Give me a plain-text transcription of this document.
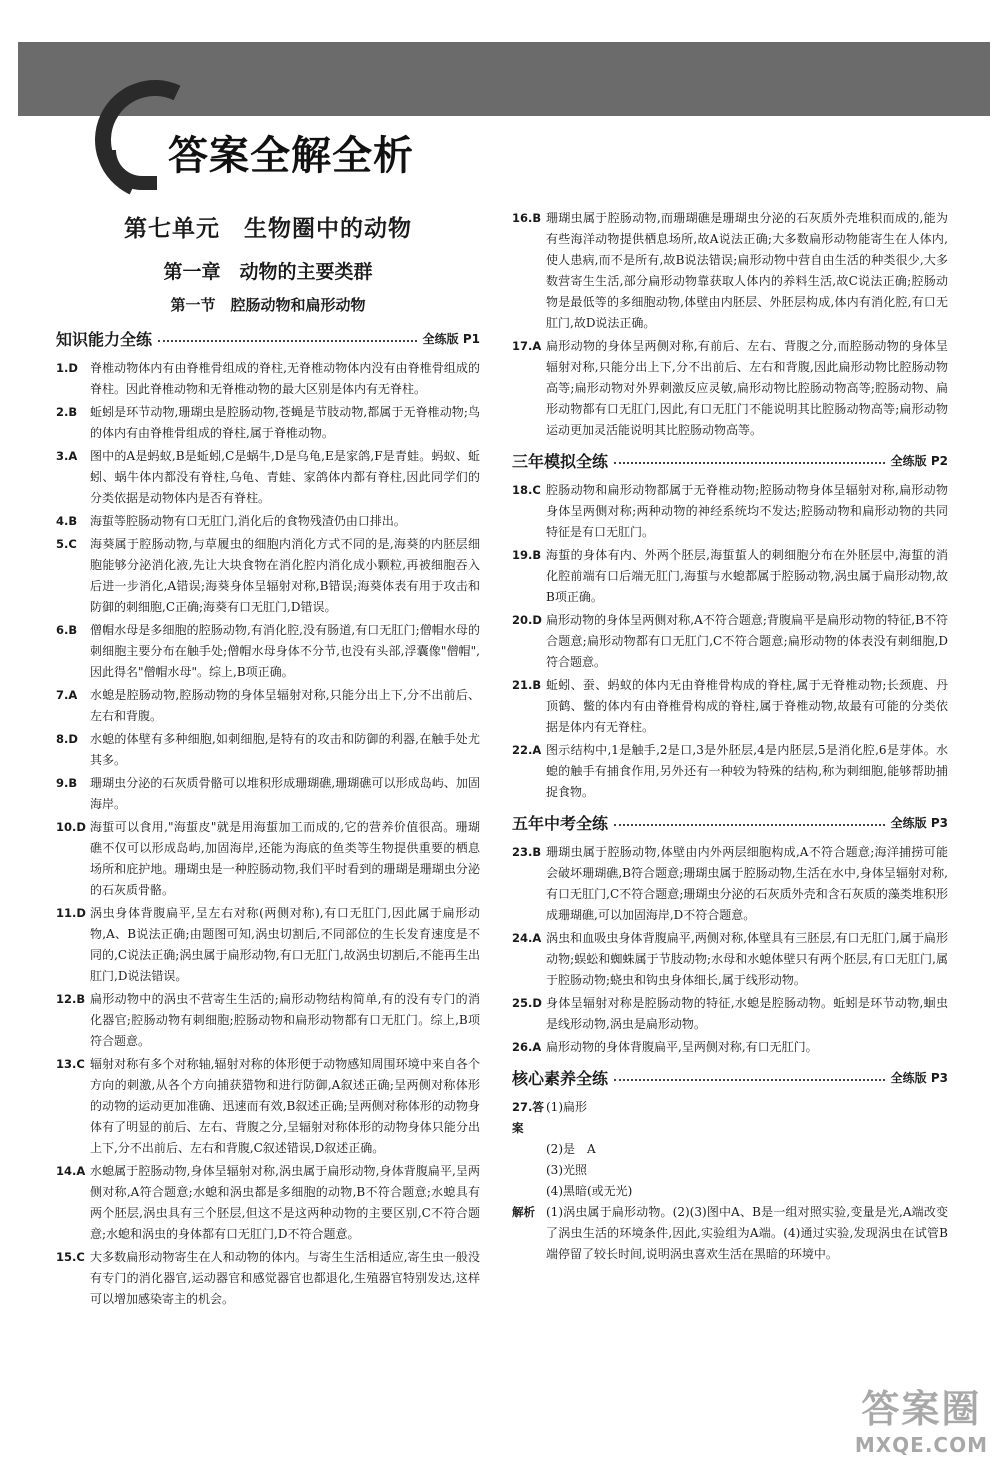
答案全解全析
第七单元　生物圈中的动物
第一章　动物的主要类群
第一节　腔肠动物和扁形动物
知识能力全练	全练版 P1
1.D	脊椎动物体内有由脊椎骨组成的脊柱,无脊椎动物体内没有由脊椎骨组成的脊柱。因此脊椎动物和无脊椎动物的最大区别是体内有无脊柱。
2.B	蚯蚓是环节动物,珊瑚虫是腔肠动物,苍蝇是节肢动物,都属于无脊椎动物;鸟的体内有由脊椎骨组成的脊柱,属于脊椎动物。
3.A	图中的A是蚂蚁,B是蚯蚓,C是蜗牛,D是乌龟,E是家鸽,F是青蛙。蚂蚁、蚯蚓、蜗牛体内都没有脊柱,乌龟、青蛙、家鸽体内都有脊柱,因此同学们的分类依据是动物体内是否有脊柱。
4.B	海蜇等腔肠动物有口无肛门,消化后的食物残渣仍由口排出。
5.C	海葵属于腔肠动物,与草履虫的细胞内消化方式不同的是,海葵的内胚层细胞能够分泌消化液,先让大块食物在消化腔内消化成小颗粒,再被细胞吞入后进一步消化,A错误;海葵身体呈辐射对称,B错误;海葵体表有用于攻击和防御的刺细胞,C正确;海葵有口无肛门,D错误。
6.B	僧帽水母是多细胞的腔肠动物,有消化腔,没有肠道,有口无肛门;僧帽水母的刺细胞主要分布在触手处;僧帽水母身体不分节,也没有头部,浮囊像"僧帽",因此得名"僧帽水母"。综上,B项正确。
7.A	水螅是腔肠动物,腔肠动物的身体呈辐射对称,只能分出上下,分不出前后、左右和背腹。
8.D	水螅的体壁有多种细胞,如刺细胞,是特有的攻击和防御的利器,在触手处尤其多。
9.B	珊瑚虫分泌的石灰质骨骼可以堆积形成珊瑚礁,珊瑚礁可以形成岛屿、加固海岸。
10.D 海蜇可以食用,"海蜇皮"就是用海蜇加工而成的,它的营养价值很高。珊瑚礁不仅可以形成岛屿,加固海岸,还能为海底的鱼类等生物提供重要的栖息场所和庇护地。珊瑚虫是一种腔肠动物,我们平时看到的珊瑚是珊瑚虫分泌的石灰质骨骼。
11.D 涡虫身体背腹扁平,呈左右对称(两侧对称),有口无肛门,因此属于扁形动物,A、B说法正确;由题图可知,涡虫切割后,不同部位的生长发育速度是不同的,C说法正确;涡虫属于扁形动物,有口无肛门,故涡虫切割后,不能再生出肛门,D说法错误。
12.B 扁形动物中的涡虫不营寄生生活的;扁形动物结构简单,有的没有专门的消化器官;腔肠动物有刺细胞;腔肠动物和扁形动物都有口无肛门。综上,B项符合题意。
13.C 辐射对称有多个对称轴,辐射对称的体形便于动物感知周围环境中来自各个方向的刺激,从各个方向捕获猎物和进行防御,A叙述正确;呈两侧对称体形的动物的运动更加准确、迅速而有效,B叙述正确;呈两侧对称体形的动物身体有了明显的前后、左右、背腹之分,呈辐射对称体形的动物身体只能分出上下,分不出前后、左右和背腹,C叙述错误,D叙述正确。
14.A 水螅属于腔肠动物,身体呈辐射对称,涡虫属于扁形动物,身体背腹扁平,呈两侧对称,A符合题意;水螅和涡虫都是多细胞的动物,B不符合题意;水螅具有两个胚层,涡虫具有三个胚层,但这不是这两种动物的主要区别,C不符合题意;水螅和涡虫的身体都有口无肛门,D不符合题意。
15.C 大多数扁形动物寄生在人和动物的体内。与寄生生活相适应,寄生虫一般没有专门的消化器官,运动器官和感觉器官也都退化,生殖器官特别发达,这样可以增加感染寄主的机会。
16.B 珊瑚虫属于腔肠动物,而珊瑚礁是珊瑚虫分泌的石灰质外壳堆积而成的,能为有些海洋动物提供栖息场所,故A说法正确;大多数扁形动物能寄生在人体内,使人患病,而不是所有,故B说法错误;扁形动物中营自由生活的种类很少,大多数营寄生生活,部分扁形动物靠获取人体内的养料生活,故C说法正确;腔肠动物是最低等的多细胞动物,体壁由内胚层、外胚层构成,体内有消化腔,有口无肛门,故D说法正确。
17.A 扁形动物的身体呈两侧对称,有前后、左右、背腹之分,而腔肠动物的身体呈辐射对称,只能分出上下,分不出前后、左右和背腹,因此扁形动物比腔肠动物高等;扁形动物对外界刺激反应灵敏,扁形动物比腔肠动物高等;腔肠动物、扁形动物都有口无肛门,因此,有口无肛门不能说明其比腔肠动物高等;扁形动物运动更加灵活能说明其比腔肠动物高等。
三年模拟全练	全练版 P2
18.C 腔肠动物和扁形动物都属于无脊椎动物;腔肠动物身体呈辐射对称,扁形动物身体呈两侧对称;两种动物的神经系统均不发达;腔肠动物和扁形动物的共同特征是有口无肛门。
19.B 海蜇的身体有内、外两个胚层,海蜇蜇人的刺细胞分布在外胚层中,海蜇的消化腔前端有口后端无肛门,海蜇与水螅都属于腔肠动物,涡虫属于扁形动物,故B项正确。
20.D 扁形动物的身体呈两侧对称,A不符合题意;背腹扁平是扁形动物的特征,B不符合题意;扁形动物都有口无肛门,C不符合题意;扁形动物的体表没有刺细胞,D符合题意。
21.B 蚯蚓、蚕、蚂蚁的体内无由脊椎骨构成的脊柱,属于无脊椎动物;长颈鹿、丹顶鹤、鳖的体内有由脊椎骨构成的脊柱,属于脊椎动物,故最有可能的分类依据是体内有无脊柱。
22.A 图示结构中,1是触手,2是口,3是外胚层,4是内胚层,5是消化腔,6是芽体。水螅的触手有捕食作用,另外还有一种较为特殊的结构,称为刺细胞,能够帮助捕捉食物。
五年中考全练	全练版 P3
23.B 珊瑚虫属于腔肠动物,体壁由内外两层细胞构成,A不符合题意;海洋捕捞可能会破坏珊瑚礁,B符合题意;珊瑚虫属于腔肠动物,生活在水中,身体呈辐射对称,有口无肛门,C不符合题意;珊瑚虫分泌的石灰质外壳和含石灰质的藻类堆积形成珊瑚礁,可以加固海岸,D不符合题意。
24.A 涡虫和血吸虫身体背腹扁平,两侧对称,体壁具有三胚层,有口无肛门,属于扁形动物;蜈蚣和蜘蛛属于节肢动物;水母和水螅体壁只有两个胚层,有口无肛门,属于腔肠动物;蛲虫和钩虫身体细长,属于线形动物。
25.D 身体呈辐射对称是腔肠动物的特征,水螅是腔肠动物。蚯蚓是环节动物,蛔虫是线形动物,涡虫是扁形动物。
26.A 扁形动物的身体背腹扁平,呈两侧对称,有口无肛门。
核心素养全练	全练版 P3
27.答案
(1)扁形
(2)是　A
(3)光照
(4)黑暗(或无光)
解析 (1)涡虫属于扁形动物。(2)(3)图中A、B是一组对照实验,变量是光,A端改变了涡虫生活的环境条件,因此,实验组为A端。(4)通过实验,发现涡虫在试管B端停留了较长时间,说明涡虫喜欢生活在黑暗的环境中。
答案圈
MXQE.COM
